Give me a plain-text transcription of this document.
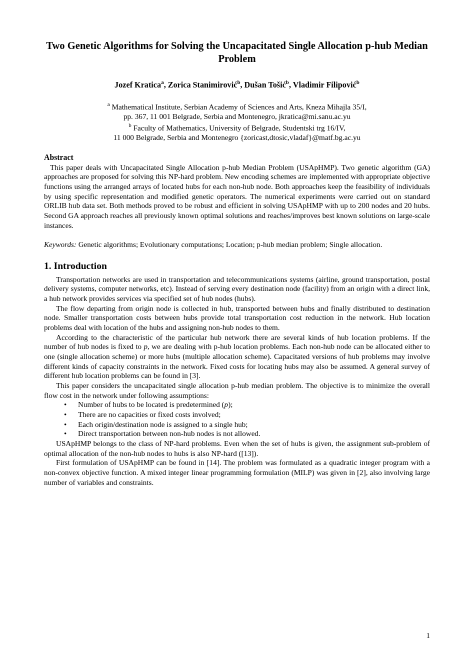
Two Genetic Algorithms for Solving the Uncapacitated Single Allocation p-hub Median Problem
Jozef Kratica$^a$, Zorica Stanimirović$^b$, Dušan Tošić$^b$, Vladimir Filipović$^b$
$^a$ Mathematical Institute, Serbian Academy of Sciences and Arts, Kneza Mihajla 35/I,
pp. 367, 11 001 Belgrade, Serbia and Montenegro, jkratica@mi.sanu.ac.yu
$^b$ Faculty of Mathematics, University of Belgrade, Studentski trg 16/IV,
11 000 Belgrade, Serbia and Montenegro {zoricast,dtosic,vladaf}@matf.bg.ac.yu
Abstract

This paper deals with Uncapacitated Single Allocation p-hub Median Problem (USApHMP). Two genetic algorithm (GA) approaches are proposed for solving this NP-hard problem. New encoding schemes are implemented with appropriate objective functions using the arranged arrays of located hubs for each non-hub node. Both approaches keep the feasibility of individuals by using specific representation and modified genetic operators. The numerical experiments were carried out on standard ORLIB hub data set. Both methods proved to be robust and efficient in solving USApHMP with up to 200 nodes and 20 hubs. Second GA approach reaches all previously known optimal solutions and reaches/improves best known solutions on large-scale instances.

Keywords: Genetic algorithms; Evolutionary computations; Location; p-hub median problem; Single allocation.

1. Introduction

Transportation networks are used in transportation and telecommunications systems (airline, ground transportation, postal delivery systems, computer networks, etc). Instead of serving every destination node (facility) from an origin with a direct link, a hub network provides services via specified set of hub nodes (hubs).

The flow departing from origin node is collected in hub, transported between hubs and finally distributed to destination node. Smaller transportation costs between hubs provide total transportation cost reduction in the network. Hub location problems deal with location of the hubs and assigning non-hub nodes to them.

According to the characteristic of the particular hub network there are several kinds of hub location problems. If the number of hub nodes is fixed to p, we are dealing with p-hub location problems. Each non-hub node can be allocated either to one (single allocation scheme) or more hubs (multiple allocation scheme). Capacitated versions of hub problems may involve different kinds of capacity constraints in the network. Fixed costs for locating hubs may also be assumed. A general survey of different hub location problems can be found in [3].

This paper considers the uncapacitated single allocation p-hub median problem. The objective is to minimize the overall flow cost in the network under following assumptions:

• Number of hubs to be located is predetermined (p);
• There are no capacities or fixed costs involved;
• Each origin/destination node is assigned to a single hub;
• Direct transportation between non-hub nodes is not allowed.

USApHMP belongs to the class of NP-hard problems. Even when the set of hubs is given, the assignment sub-problem of optimal allocation of the non-hub nodes to hubs is also NP-hard ([13]).

First formulation of USApHMP can be found in [14]. The problem was formulated as a quadratic integer program with a non-convex objective function. A mixed integer linear programming formulation (MILP) was given in [2], also involving large number of variables and constraints.

1
